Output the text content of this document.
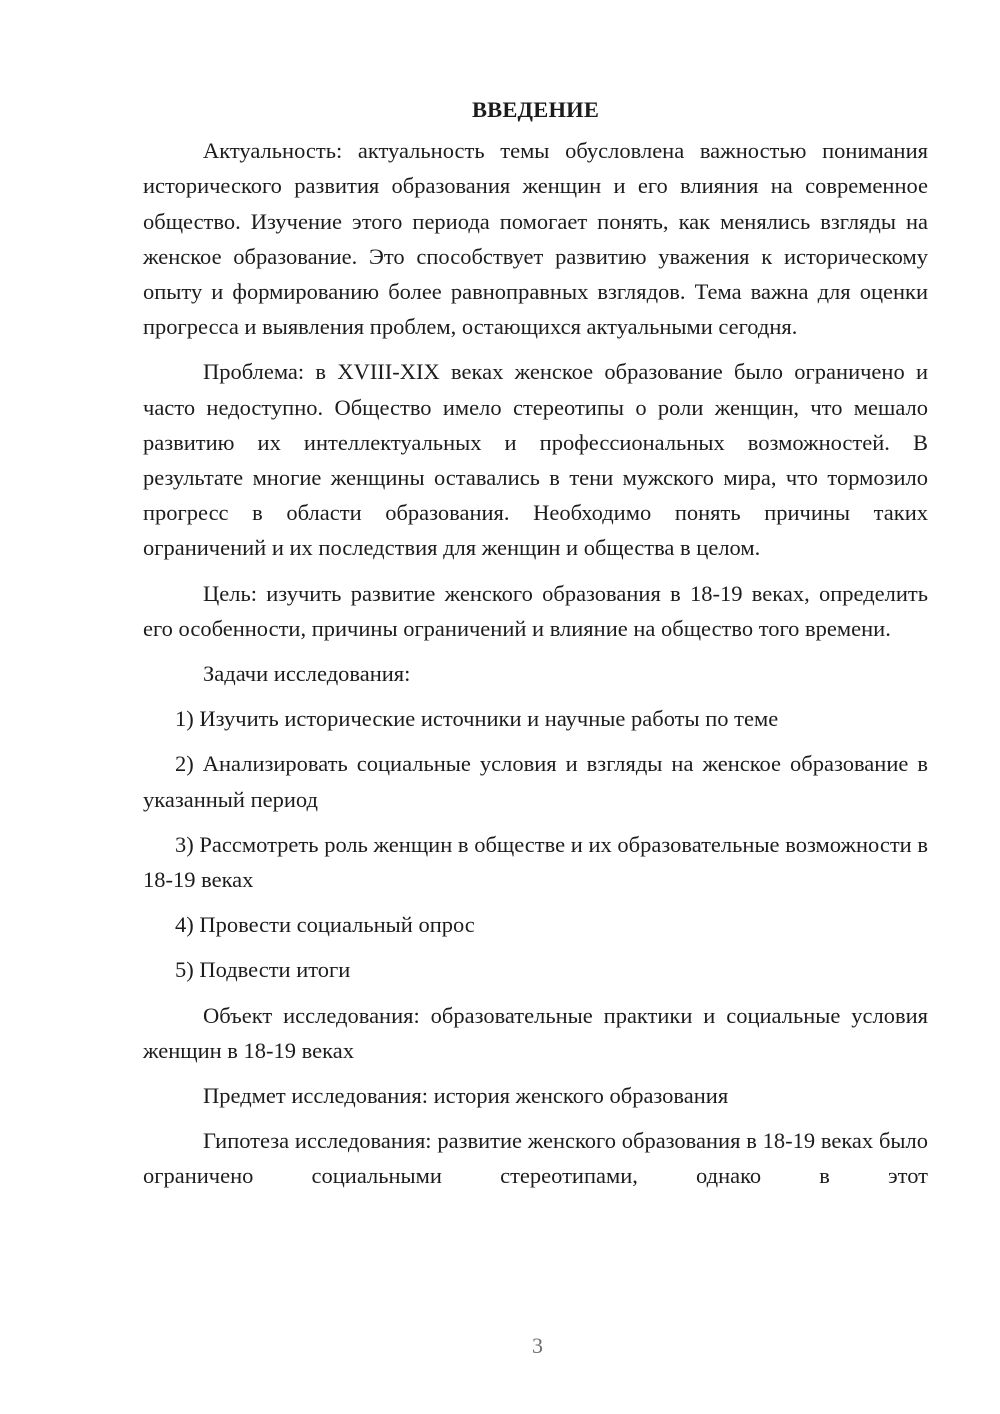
ВВЕДЕНИЕ

Актуальность: актуальность темы обусловлена важностью понимания исторического развития образования женщин и его влияния на современное общество. Изучение этого периода помогает понять, как менялись взгляды на женское образование. Это способствует развитию уважения к историческому опыту и формированию более равноправных взглядов. Тема важна для оценки прогресса и выявления проблем, остающихся актуальными сегодня.

Проблема: в XVIII-XIX веках женское образование было ограничено и часто недоступно. Общество имело стереотипы о роли женщин, что мешало развитию их интеллектуальных и профессиональных возможностей. В результате многие женщины оставались в тени мужского мира, что тормозило прогресс в области образования. Необходимо понять причины таких ограничений и их последствия для женщин и общества в целом.

Цель: изучить развитие женского образования в 18-19 веках, определить его особенности, причины ограничений и влияние на общество того времени.

Задачи исследования:

1) Изучить исторические источники и научные работы по теме

2) Анализировать социальные условия и взгляды на женское образование в указанный период

3) Рассмотреть роль женщин в обществе и их образовательные возможности в 18-19 веках

4) Провести социальный опрос

5) Подвести итоги

Объект исследования: образовательные практики и социальные условия женщин в 18-19 веках

Предмет исследования: история женского образования

Гипотеза исследования: развитие женского образования в 18-19 веках было ограничено социальными стереотипами, однако в этот

3
